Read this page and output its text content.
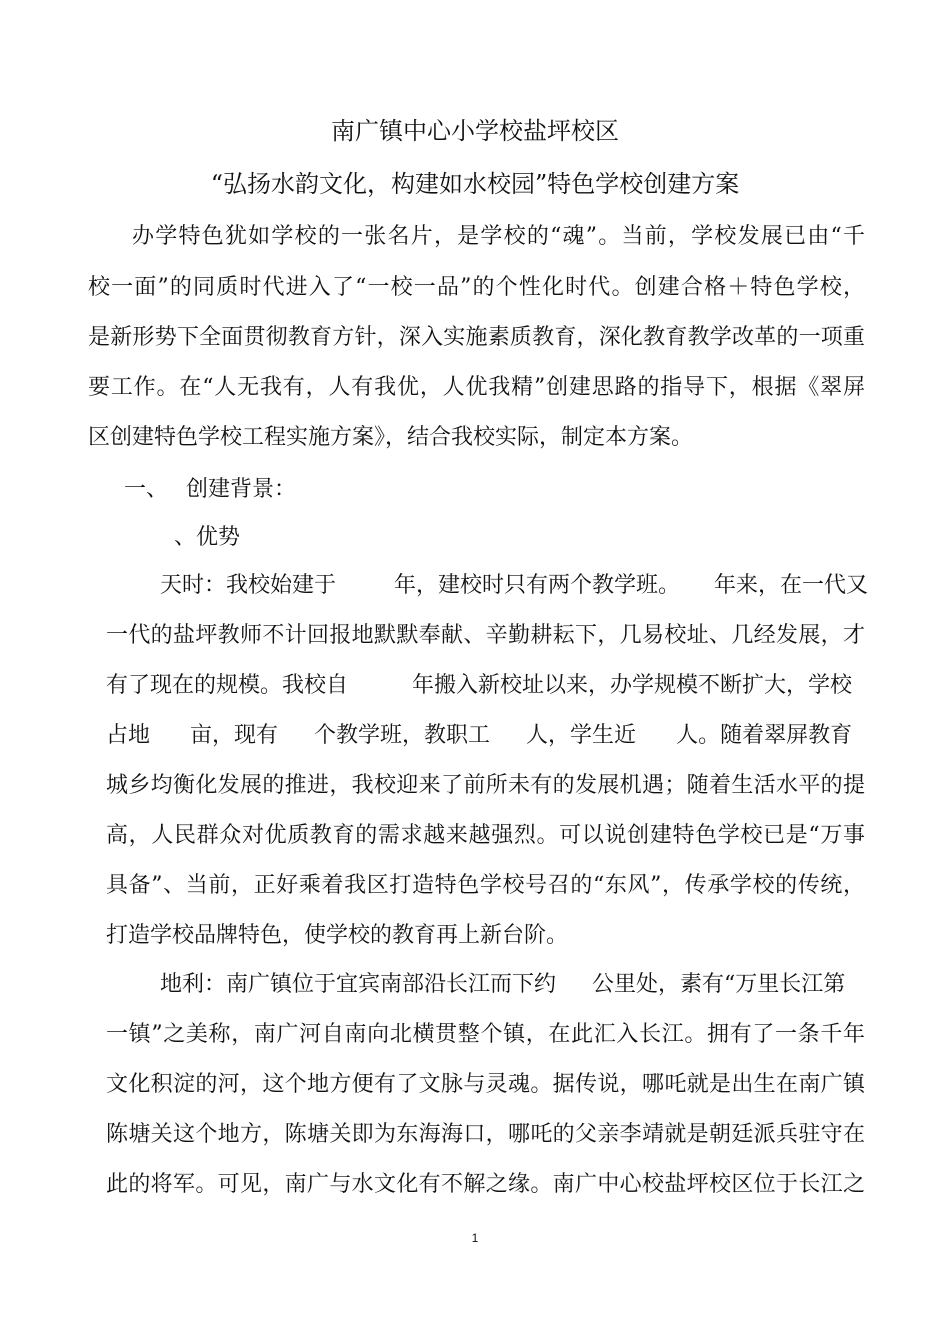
南广镇中心小学校盐坪校区
“弘扬水韵文化，构建如水校园”特色学校创建方案
办学特色犹如学校的一张名片，是学校的“魂”。当前，学校发展已由“千
校一面”的同质时代进入了“一校一品”的个性化时代。创建合格＋特色学校，
是新形势下全面贯彻教育方针，深入实施素质教育，深化教育教学改革的一项重
要工作。在“人无我有，人有我优，人优我精”创建思路的指导下，根据《翠屏
区创建特色学校工程实施方案》，结合我校实际，制定本方案。
一、 创建背景：
、优势
天时：我校始建于	年，建校时只有两个教学班。 年来，在一代又
一代的盐坪教师不计回报地默默奉献、辛勤耕耘下，几易校址、几经发展，才
有了现在的规模。我校自	年搬入新校址以来，办学规模不断扩大，学校
占地 亩，现有 个教学班，教职工 人，学生近 人。随着翠屏教育
城乡均衡化发展的推进，我校迎来了前所未有的发展机遇；随着生活水平的提
高，人民群众对优质教育的需求越来越强烈。可以说创建特色学校已是“万事
具备”、当前，正好乘着我区打造特色学校号召的“东风”，传承学校的传统，
打造学校品牌特色，使学校的教育再上新台阶。
地利：南广镇位于宜宾南部沿长江而下约 公里处，素有“万里长江第
一镇”之美称，南广河自南向北横贯整个镇，在此汇入长江。拥有了一条千年
文化积淀的河，这个地方便有了文脉与灵魂。据传说，哪吒就是出生在南广镇
陈塘关这个地方，陈塘关即为东海海口，哪吒的父亲李靖就是朝廷派兵驻守在
此的将军。可见，南广与水文化有不解之缘。南广中心校盐坪校区位于长江之
1
